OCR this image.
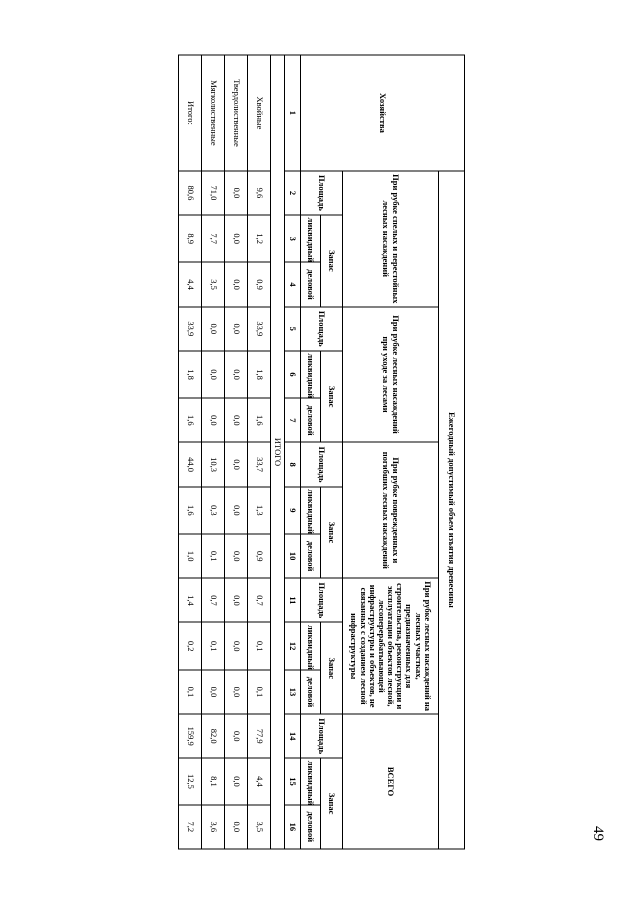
Хозяйства	Ежегодный допустимый объем изъятия древесины														
	При рубке спелых и перестойных лесных насаждений			При рубке лесных насаждений при уходе за лесами			При рубке поврежденных и погибших лесных насаждений			При рубке лесных насаждений на лесных участках, предназначенных для строительства, реконструкции и эксплуатации объектов лесной, лесоперерабатывающей инфраструктуры и объектов, не связанных с созданием лесной инфраструктуры			ВСЕГО		
	Площадь	Запас		Площадь	Запас		Площадь	Запас		Площадь	Запас		Площадь	Запас	
		ликвидный	деловой		ликвидный	деловой		ликвидный	деловой		ликвидный	деловой		ликвидный	деловой
1	2	3	4	5	6	7	8	9	10	11	12	13	14	15	16
ИТОГО															
Хвойные	9,6	1,2	0,9	33,9	1,8	1,6	33,7	1,3	0,9	0,7	0,1	0,1	77,9	4,4	3,5
Твердолиственные	0,0	0,0	0,0	0,0	0,0	0,0	0,0	0,0	0,0	0,0	0,0	0,0	0,0	0,0	0,0
Мягколиственные	71,0	7,7	3,5	0,0	0,0	0,0	10,3	0,3	0,1	0,7	0,1	0,0	82,0	8,1	3,6
Итого:	80,6	8,9	4,4	33,9	1,8	1,6	44,0	1,6	1,0	1,4	0,2	0,1	159,9	12,5	7,2	49
